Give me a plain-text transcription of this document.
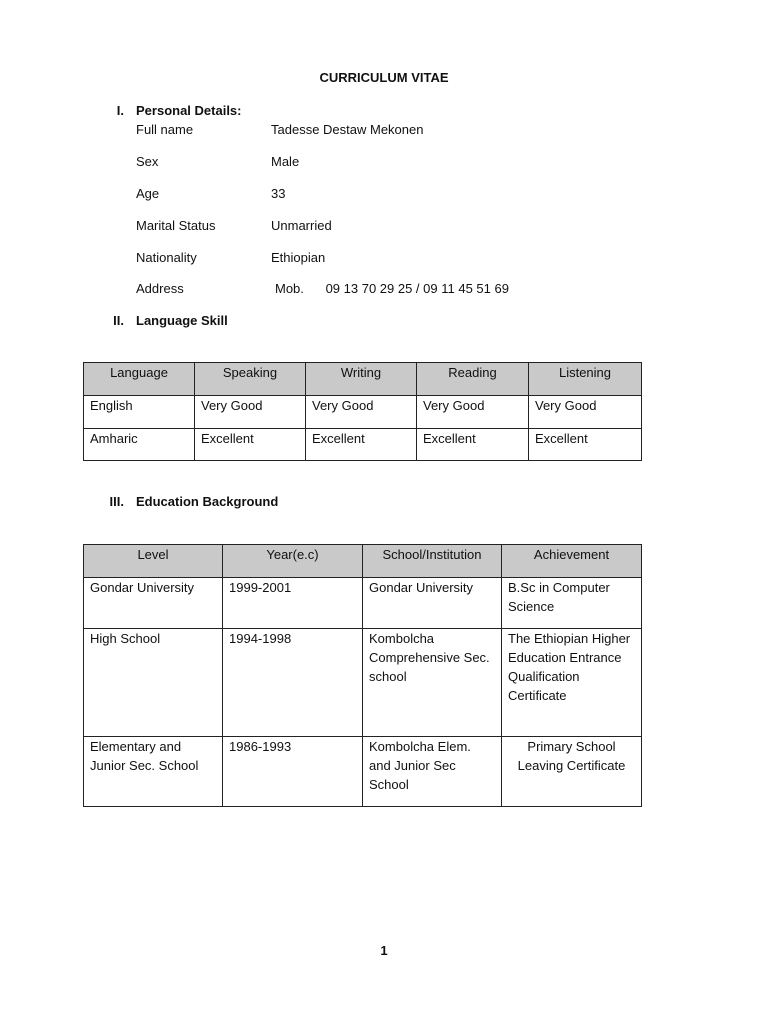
CURRICULUM VITAE
I. Personal Details:
Full name	Tadesse Destaw Mekonen
Sex	Male
Age	33
Marital Status	Unmarried
Nationality	Ethiopian
Address	Mob.      09 13 70 29 25 / 09 11 45 51 69
II. Language Skill
Language	Speaking	Writing	Reading	Listening
English	Very Good	Very Good	Very Good	Very Good
Amharic	Excellent	Excellent	Excellent	Excellent
III. Education Background
Level	Year(e.c)	School/Institution	Achievement
Gondar University	1999-2001	Gondar University	B.Sc in Computer Science
High School	1994-1998	Kombolcha Comprehensive Sec. school	The Ethiopian Higher Education Entrance Qualification Certificate
Elementary and Junior Sec. School	1986-1993	Kombolcha Elem. and Junior Sec School	Primary School Leaving Certificate
1
